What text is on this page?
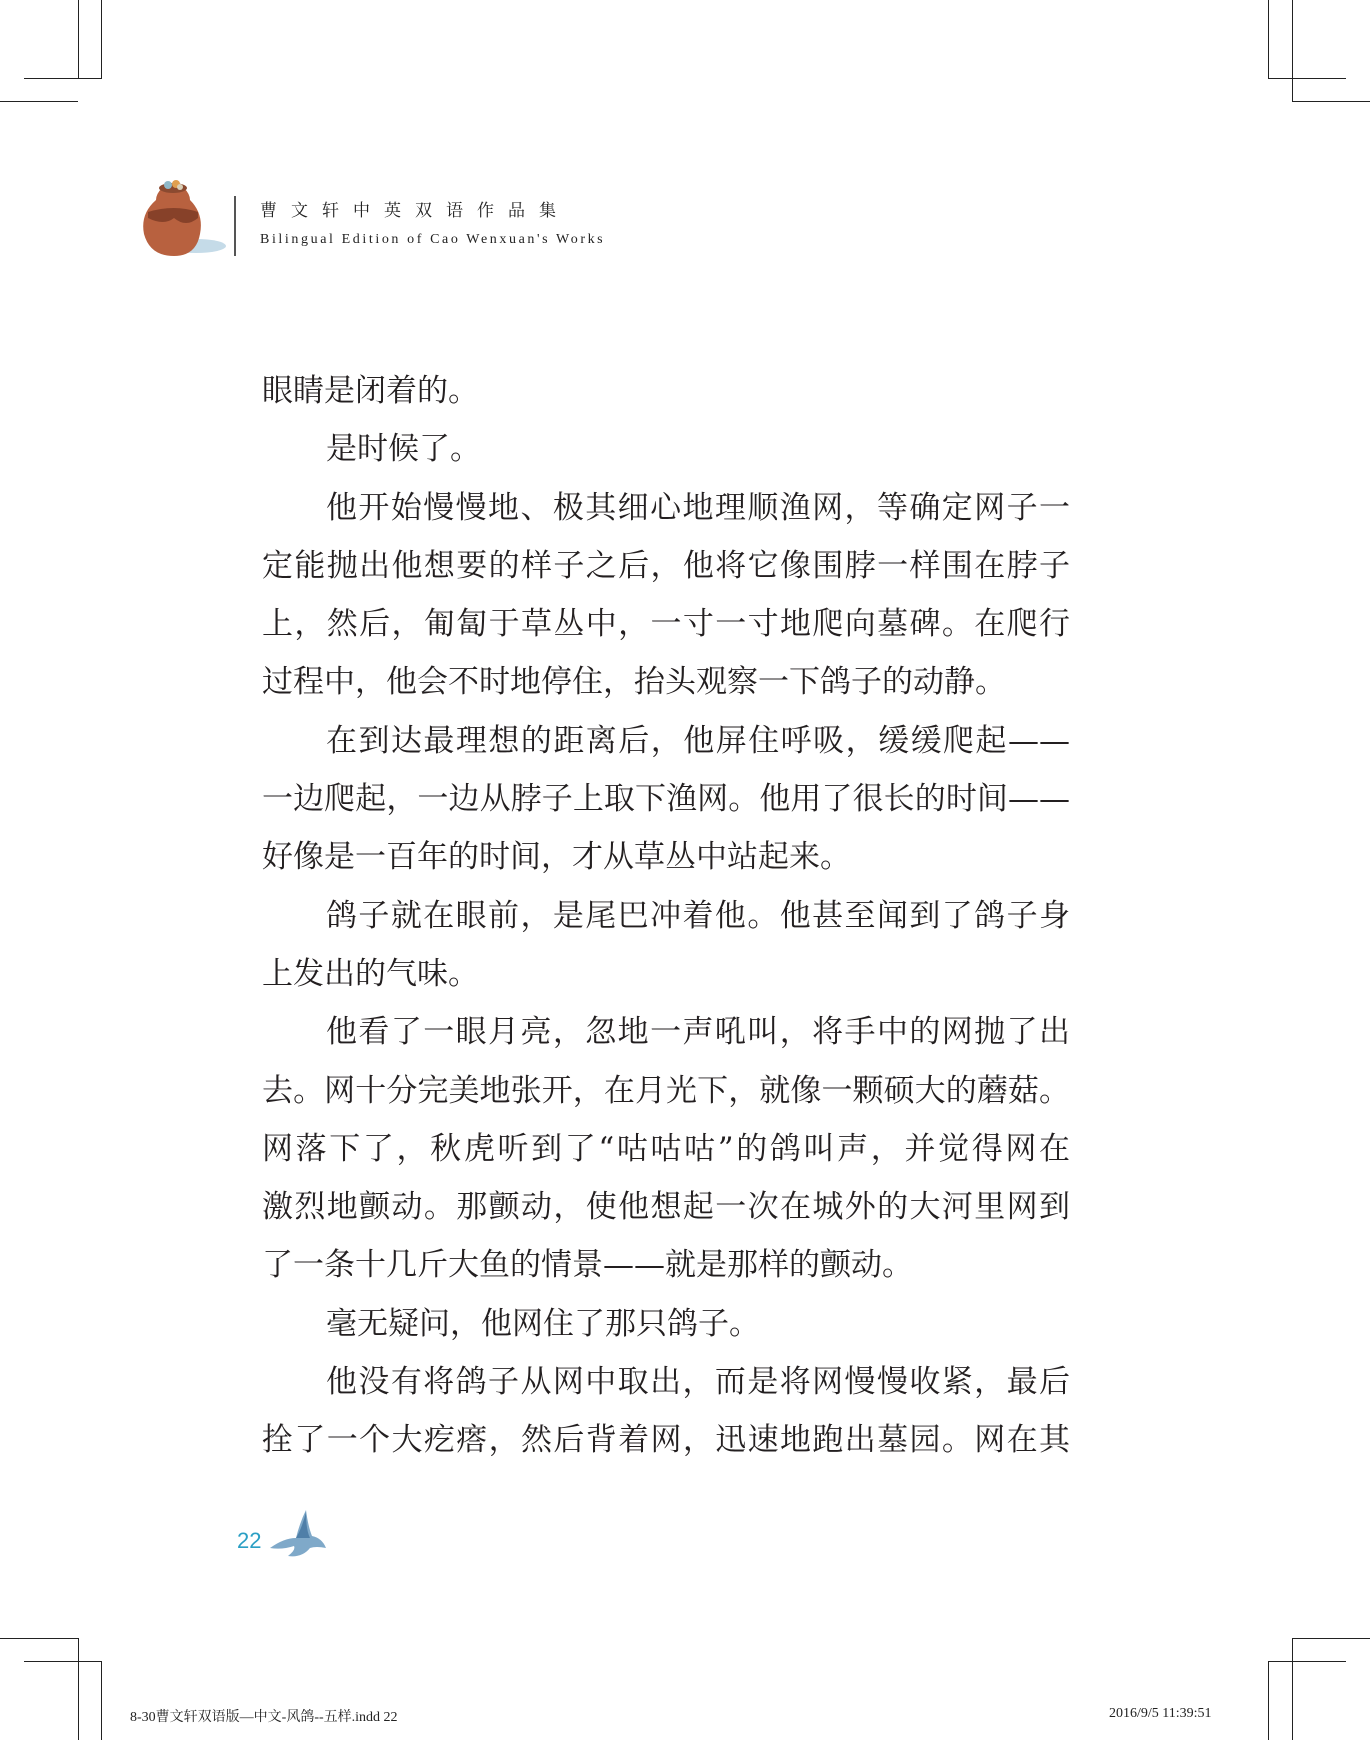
曹文轩中英双语作品集
Bilingual Edition of Cao Wenxuan's Works
眼睛是闭着的。
是时候了。
他开始慢慢地、极其细心地理顺渔网，等确定网子一
定能抛出他想要的样子之后，他将它像围脖一样围在脖子
上，然后，匍匐于草丛中，一寸一寸地爬向墓碑。在爬行
过程中，他会不时地停住，抬头观察一下鸽子的动静。
在到达最理想的距离后，他屏住呼吸，缓缓爬起——
一边爬起，一边从脖子上取下渔网。他用了很长的时间——
好像是一百年的时间，才从草丛中站起来。
鸽子就在眼前，是尾巴冲着他。他甚至闻到了鸽子身
上发出的气味。
他看了一眼月亮，忽地一声吼叫，将手中的网抛了出
去。网十分完美地张开，在月光下，就像一颗硕大的蘑菇。
网落下了，秋虎听到了“咕咕咕”的鸽叫声，并觉得网在
激烈地颤动。那颤动，使他想起一次在城外的大河里网到
了一条十几斤大鱼的情景——就是那样的颤动。
毫无疑问，他网住了那只鸽子。
他没有将鸽子从网中取出，而是将网慢慢收紧，最后
拴了一个大疙瘩，然后背着网，迅速地跑出墓园。网在其
22
8-30曹文轩双语版—中文-风鸽--五样.indd 22	2016/9/5 11:39:51
